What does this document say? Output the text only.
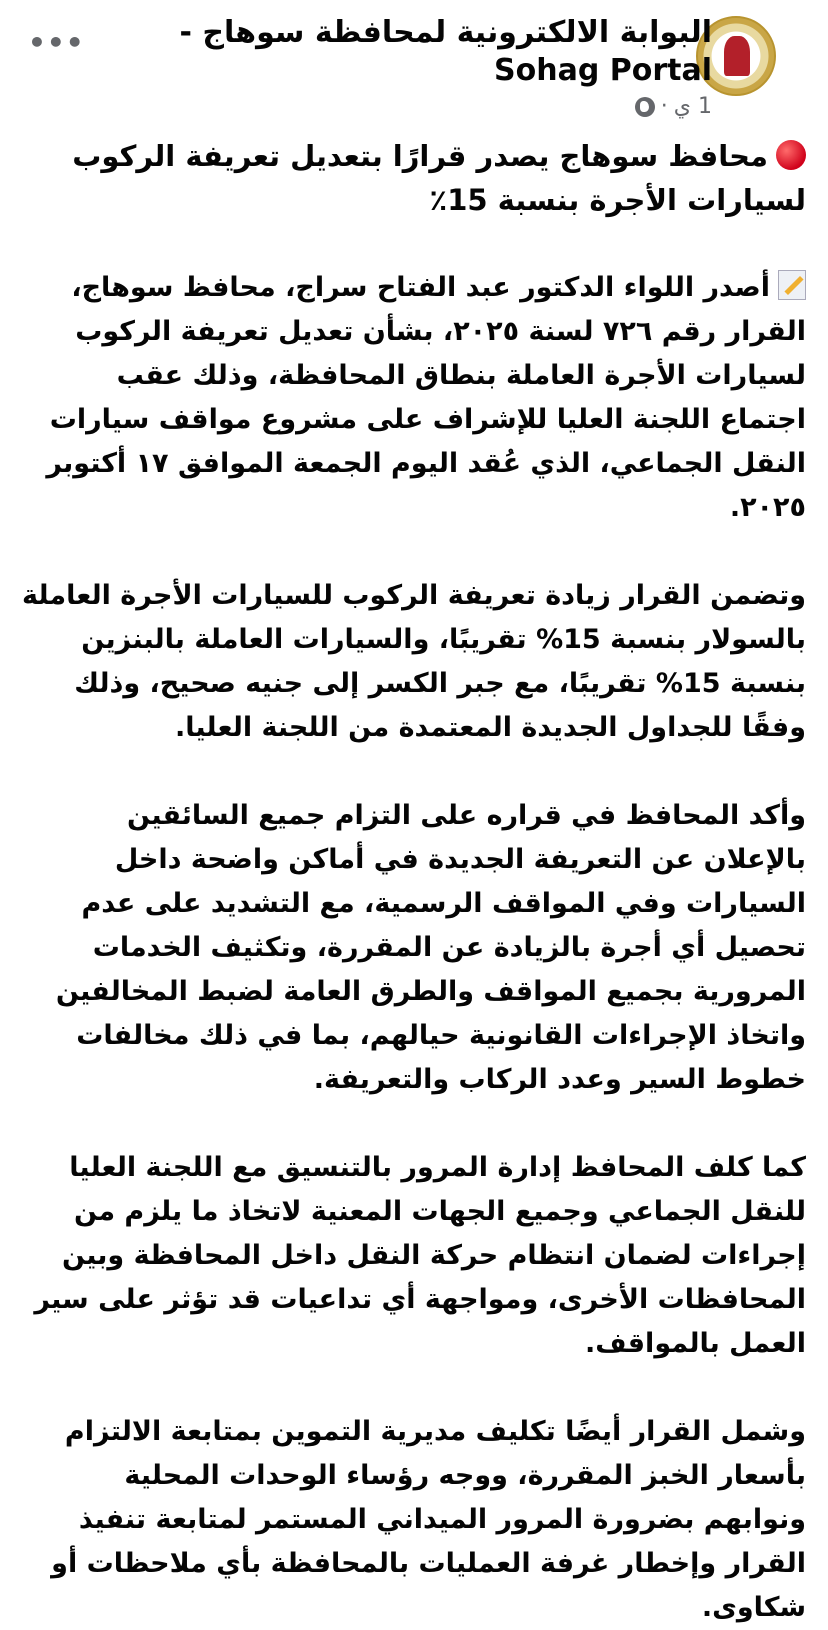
البوابة الالكترونية لمحافظة سوهاج - Sohag Portal
1 ي
·
•••

محافظ سوهاج يصدر قرارًا بتعديل تعريفة الركوب لسيارات الأجرة بنسبة 15٪

أصدر اللواء الدكتور عبد الفتاح سراج، محافظ سوهاج، القرار رقم ٧٢٦ لسنة ٢٠٢٥، بشأن تعديل تعريفة الركوب لسيارات الأجرة العاملة بنطاق المحافظة، وذلك عقب اجتماع اللجنة العليا للإشراف على مشروع مواقف سيارات النقل الجماعي، الذي عُقد اليوم الجمعة الموافق ١٧ أكتوبر ٢٠٢٥.

وتضمن القرار زيادة تعريفة الركوب للسيارات الأجرة العاملة بالسولار بنسبة 15% تقريبًا، والسيارات العاملة بالبنزين بنسبة 15% تقريبًا، مع جبر الكسر إلى جنيه صحيح، وذلك وفقًا للجداول الجديدة المعتمدة من اللجنة العليا.

وأكد المحافظ في قراره على التزام جميع السائقين بالإعلان عن التعريفة الجديدة في أماكن واضحة داخل السيارات وفي المواقف الرسمية، مع التشديد على عدم تحصيل أي أجرة بالزيادة عن المقررة، وتكثيف الخدمات المرورية بجميع المواقف والطرق العامة لضبط المخالفين واتخاذ الإجراءات القانونية حيالهم، بما في ذلك مخالفات خطوط السير وعدد الركاب والتعريفة.

كما كلف المحافظ إدارة المرور بالتنسيق مع اللجنة العليا للنقل الجماعي وجميع الجهات المعنية لاتخاذ ما يلزم من إجراءات لضمان انتظام حركة النقل داخل المحافظة وبين المحافظات الأخرى، ومواجهة أي تداعيات قد تؤثر على سير العمل بالمواقف.

وشمل القرار أيضًا تكليف مديرية التموين بمتابعة الالتزام بأسعار الخبز المقررة، ووجه رؤساء الوحدات المحلية ونوابهم بضرورة المرور الميداني المستمر لمتابعة تنفيذ القرار وإخطار غرفة العمليات بالمحافظة بأي ملاحظات أو شكاوى.
